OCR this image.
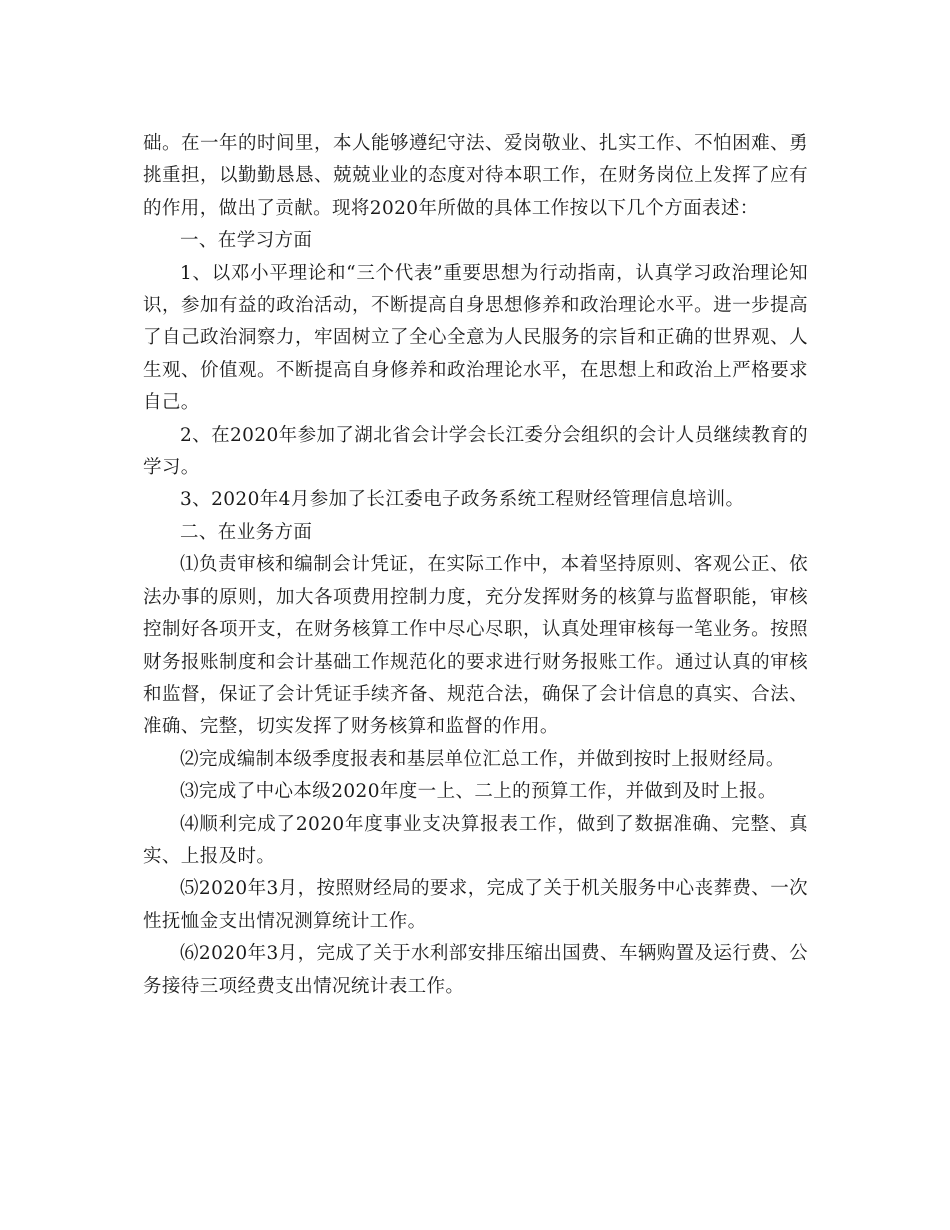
础。在一年的时间里，本人能够遵纪守法、爱岗敬业、扎实工作、不怕困难、勇挑重担，以勤勤恳恳、兢兢业业的态度对待本职工作，在财务岗位上发挥了应有的作用，做出了贡献。现将2020年所做的具体工作按以下几个方面表述：

一、在学习方面

1、以邓小平理论和“三个代表”重要思想为行动指南，认真学习政治理论知识，参加有益的政治活动，不断提高自身思想修养和政治理论水平。进一步提高了自己政治洞察力，牢固树立了全心全意为人民服务的宗旨和正确的世界观、人生观、价值观。不断提高自身修养和政治理论水平，在思想上和政治上严格要求自己。

2、在2020年参加了湖北省会计学会长江委分会组织的会计人员继续教育的学习。

3、2020年4月参加了长江委电子政务系统工程财经管理信息培训。

二、在业务方面

⑴负责审核和编制会计凭证，在实际工作中，本着坚持原则、客观公正、依法办事的原则，加大各项费用控制力度，充分发挥财务的核算与监督职能，审核控制好各项开支，在财务核算工作中尽心尽职，认真处理审核每一笔业务。按照财务报账制度和会计基础工作规范化的要求进行财务报账工作。通过认真的审核和监督，保证了会计凭证手续齐备、规范合法，确保了会计信息的真实、合法、准确、完整，切实发挥了财务核算和监督的作用。

⑵完成编制本级季度报表和基层单位汇总工作，并做到按时上报财经局。

⑶完成了中心本级2020年度一上、二上的预算工作，并做到及时上报。

⑷顺利完成了2020年度事业支决算报表工作，做到了数据准确、完整、真实、上报及时。

⑸2020年3月，按照财经局的要求，完成了关于机关服务中心丧葬费、一次性抚恤金支出情况测算统计工作。

⑹2020年3月，完成了关于水利部安排压缩出国费、车辆购置及运行费、公务接待三项经费支出情况统计表工作。
